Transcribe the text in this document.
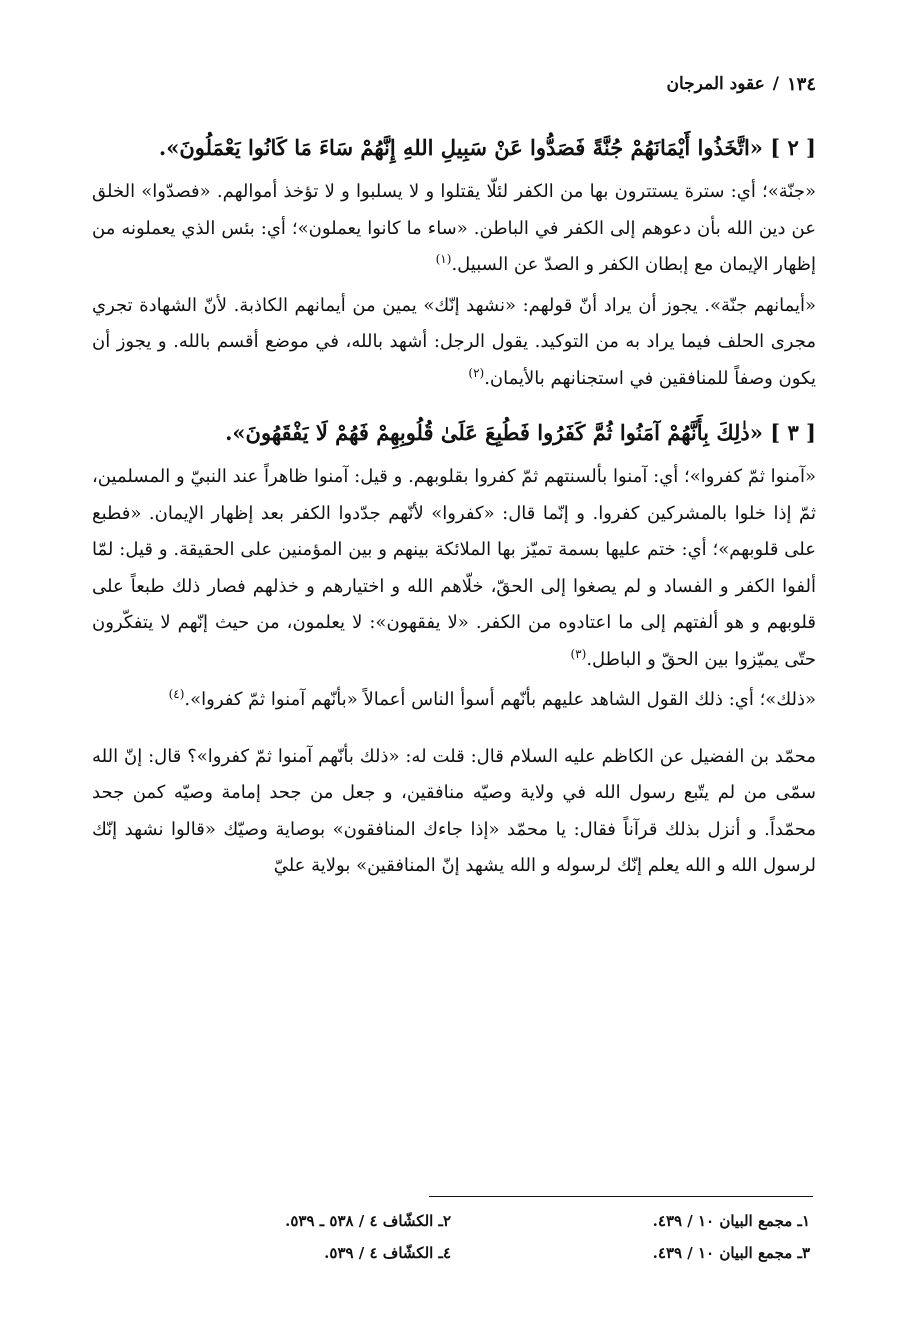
١٣٤
/
عقود المرجان
[ ٢ ] «اتَّخَذُوا أَيْمَانَهُمْ جُنَّةً فَصَدُّوا عَنْ سَبِيلِ اللهِ إِنَّهُمْ سَاءَ مَا كَانُوا يَعْمَلُونَ».

«جنّة»؛ أي: سترة يستترون بها من الكفر لئلّا يقتلوا و لا يسلبوا و لا تؤخذ أموالهم. «فصدّوا» الخلق عن دين الله بأن دعوهم إلى الكفر في الباطن. «ساء ما كانوا يعملون»؛ أي: بئس الذي يعملونه من إظهار الإيمان مع إبطان الكفر و الصدّ عن السبيل.$^{(١)}$

«أيمانهم جنّة». يجوز أن يراد أنّ قولهم: «نشهد إنّك» يمين من أيمانهم الكاذبة. لأنّ الشهادة تجري مجرى الحلف فيما يراد به من التوكيد. يقول الرجل: أشهد بالله، في موضع أقسم بالله. و يجوز أن يكون وصفاً للمنافقين في استجنانهم بالأيمان.$^{(٢)}$

[ ٣ ] «ذٰلِكَ بِأَنَّهُمْ آمَنُوا ثُمَّ كَفَرُوا فَطُبِعَ عَلَىٰ قُلُوبِهِمْ فَهُمْ لَا يَفْقَهُونَ».

«آمنوا ثمّ كفروا»؛ أي: آمنوا بألسنتهم ثمّ كفروا بقلوبهم. و قيل: آمنوا ظاهراً عند النبيّ و المسلمين، ثمّ إذا خلوا بالمشركين كفروا. و إنّما قال: «كفروا» لأنّهم جدّدوا الكفر بعد إظهار الإيمان. «فطبع على قلوبهم»؛ أي: ختم عليها بسمة تميّز بها الملائكة بينهم و بين المؤمنين على الحقيقة. و قيل: لمّا ألفوا الكفر و الفساد و لم يصغوا إلى الحقّ، خلّاهم الله و اختيارهم و خذلهم فصار ذلك طبعاً على قلوبهم و هو ألفتهم إلى ما اعتادوه من الكفر. «لا يفقهون»: لا يعلمون، من حيث إنّهم لا يتفكّرون حتّى يميّزوا بين الحقّ و الباطل.$^{(٣)}$

«ذلك»؛ أي: ذلك القول الشاهد عليهم بأنّهم أسوأ الناس أعمالاً «بأنّهم آمنوا ثمّ كفروا».$^{(٤)}$

محمّد بن الفضيل عن الكاظم عليه السلام قال: قلت له: «ذلك بأنّهم آمنوا ثمّ كفروا»؟ قال: إنّ الله سمّى من لم يتّبع رسول الله في ولاية وصيّه منافقين، و جعل من جحد إمامة وصيّه كمن جحد محمّداً. و أنزل بذلك قرآناً فقال: يا محمّد «إذا جاءك المنافقون» بوصاية وصيّك «قالوا نشهد إنّك لرسول الله و الله يعلم إنّك لرسوله و الله يشهد إنّ المنافقين» بولاية عليّ

١ـ مجمع البيان ١٠ / ٤٣٩.
٢ـ الكشّاف ٤ / ٥٣٨ ـ ٥٣٩.
٣ـ مجمع البيان ١٠ / ٤٣٩.
٤ـ الكشّاف ٤ / ٥٣٩.
